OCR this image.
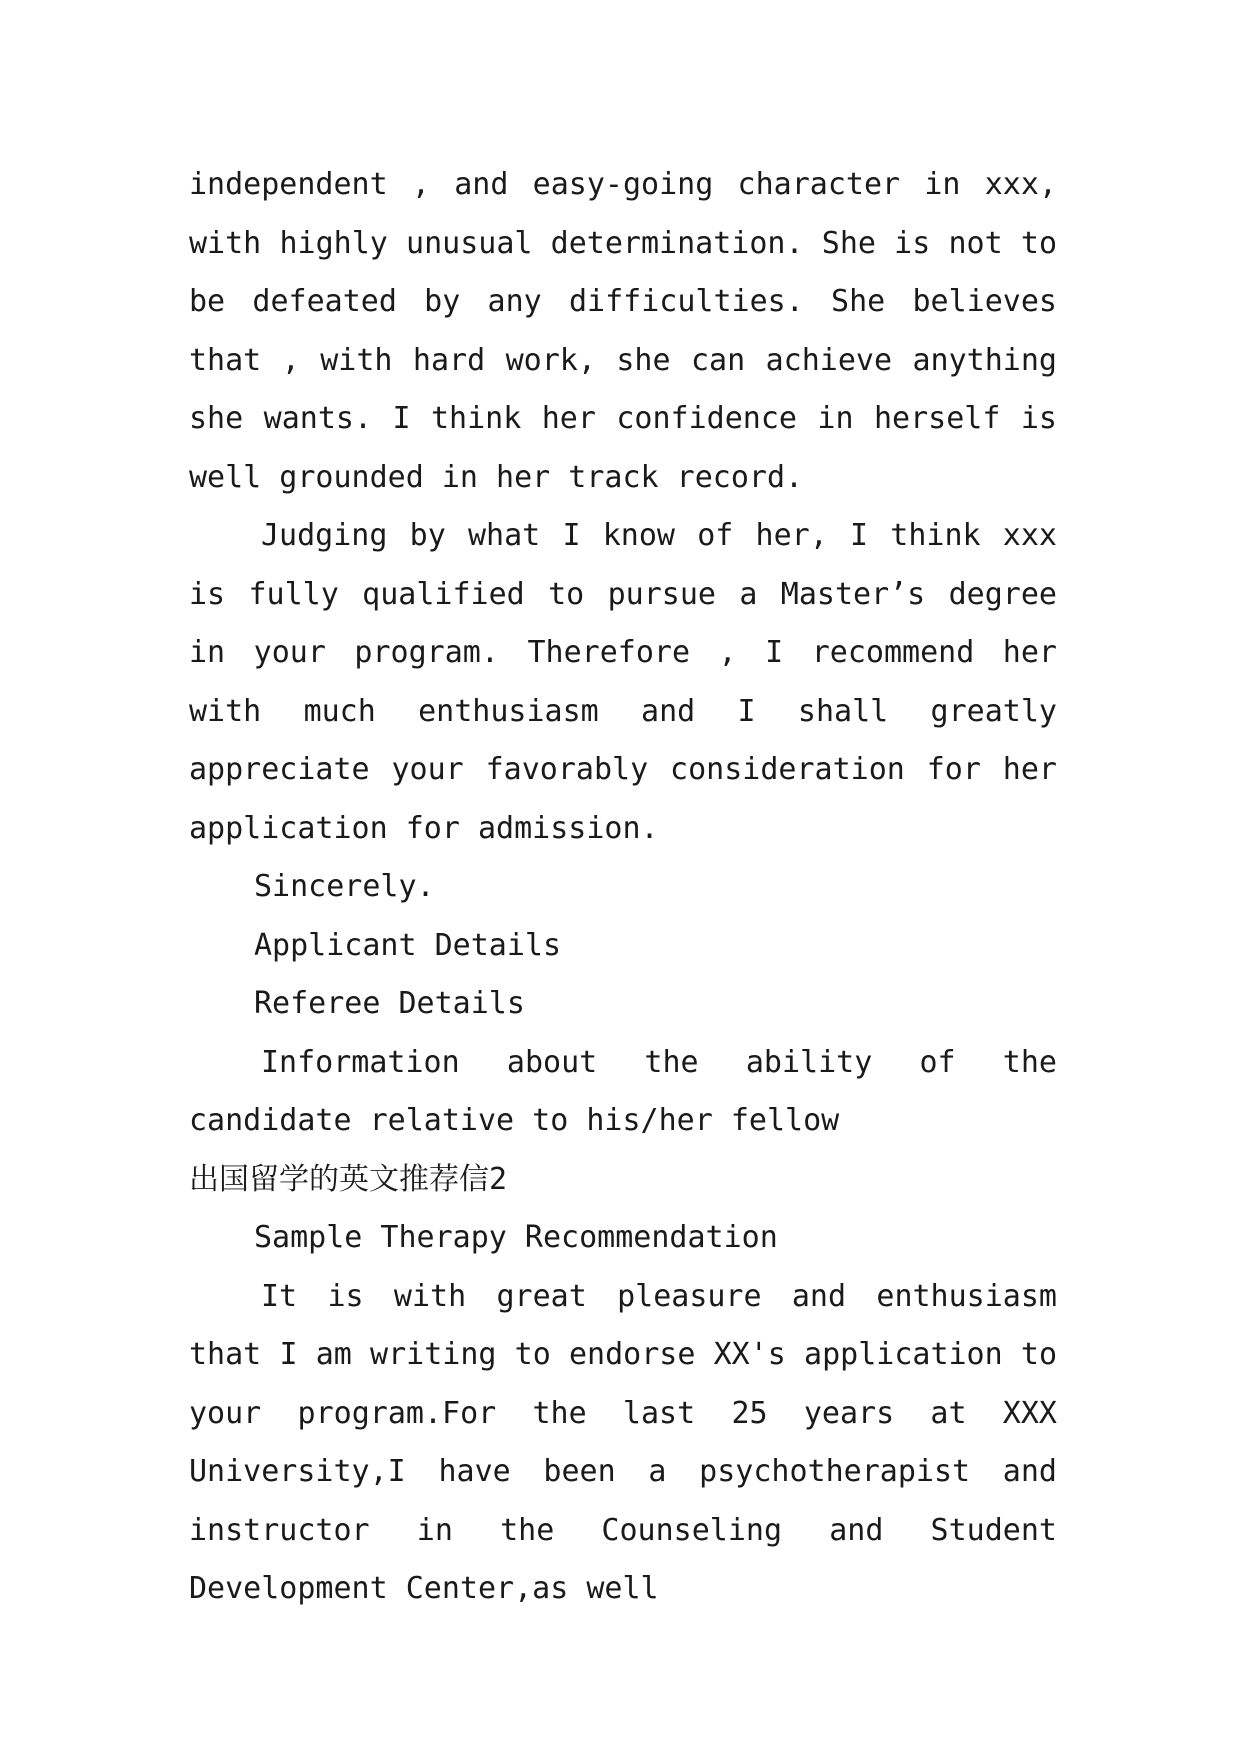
independent , and easy-going character in xxx, with highly unusual determination. She is not to be defeated by any difficulties. She believes that , with hard work, she can achieve anything she wants. I think her confidence in herself is well grounded in her track record.

Judging by what I know of her, I think xxx is fully qualified to pursue a Master’s degree in your program. Therefore , I recommend her with much enthusiasm and I shall greatly appreciate your favorably consideration for her application for admission.

Sincerely.

Applicant Details

Referee Details

Information about the ability of the candidate relative to his/her fellow

出国留学的英文推荐信2

Sample Therapy Recommendation

It is with great pleasure and enthusiasm that I am writing to endorse XX's application to your program.For the last 25 years at XXX University,I have been a psychotherapist and instructor in the Counseling and Student Development Center,as well
